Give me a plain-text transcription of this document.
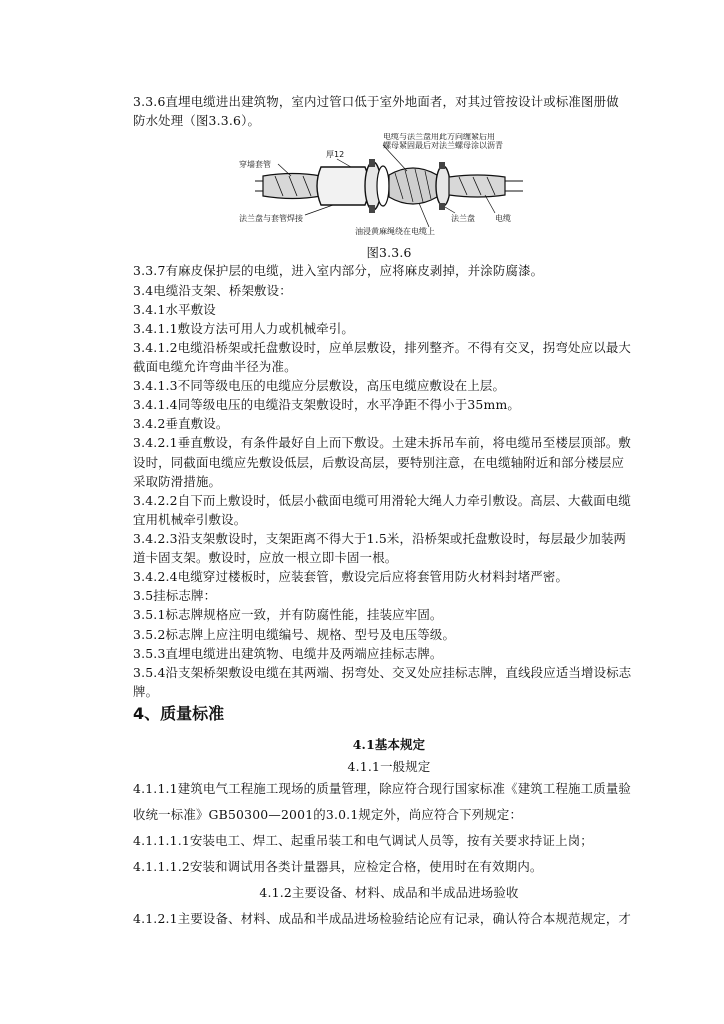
3.3.6直埋电缆进出建筑物，室内过管口低于室外地面者，对其过管按设计或标准图册做
防水处理（图3.3.6）。
穿墙套管
厚12
电缆与法兰盘用此方向缠紧后用
螺母紧固最后对法兰螺母涂以沥青
法兰盘与套管焊接
油浸黄麻绳绕在电缆上
法兰盘	电缆
图3.3.6
3.3.7有麻皮保护层的电缆，进入室内部分，应将麻皮剥掉，并涂防腐漆。
3.4电缆沿支架、桥架敷设：
3.4.1水平敷设
3.4.1.1敷设方法可用人力或机械牵引。
3.4.1.2电缆沿桥架或托盘敷设时，应单层敷设，排列整齐。不得有交叉，拐弯处应以最大
截面电缆允许弯曲半径为准。
3.4.1.3不同等级电压的电缆应分层敷设，高压电缆应敷设在上层。
3.4.1.4同等级电压的电缆沿支架敷设时，水平净距不得小于35mm。
3.4.2垂直敷设。
3.4.2.1垂直敷设，有条件最好自上而下敷设。土建未拆吊车前，将电缆吊至楼层顶部。敷
设时，同截面电缆应先敷设低层，后敷设高层，要特别注意，在电缆轴附近和部分楼层应
采取防滑措施。
3.4.2.2自下而上敷设时，低层小截面电缆可用滑轮大绳人力牵引敷设。高层、大截面电缆
宜用机械牵引敷设。
3.4.2.3沿支架敷设时，支架距离不得大于1.5米，沿桥架或托盘敷设时，每层最少加装两
道卡固支架。敷设时，应放一根立即卡固一根。
3.4.2.4电缆穿过楼板时，应装套管，敷设完后应将套管用防火材料封堵严密。
3.5挂标志牌：
3.5.1标志牌规格应一致，并有防腐性能，挂装应牢固。
3.5.2标志牌上应注明电缆编号、规格、型号及电压等级。
3.5.3直埋电缆进出建筑物、电缆井及两端应挂标志牌。
3.5.4沿支架桥架敷设电缆在其两端、拐弯处、交叉处应挂标志牌，直线段应适当增设标志
牌。
4、质量标准
4.1基本规定
4.1.1一般规定
4.1.1.1建筑电气工程施工现场的质量管理，除应符合现行国家标准《建筑工程施工质量验
收统一标准》GB50300—2001的3.0.1规定外，尚应符合下列规定：
4.1.1.1.1安装电工、焊工、起重吊装工和电气调试人员等，按有关要求持证上岗；
4.1.1.1.2安装和调试用各类计量器具，应检定合格，使用时在有效期内。
4.1.2主要设备、材料、成品和半成品进场验收
4.1.2.1主要设备、材料、成品和半成品进场检验结论应有记录，确认符合本规范规定，才
